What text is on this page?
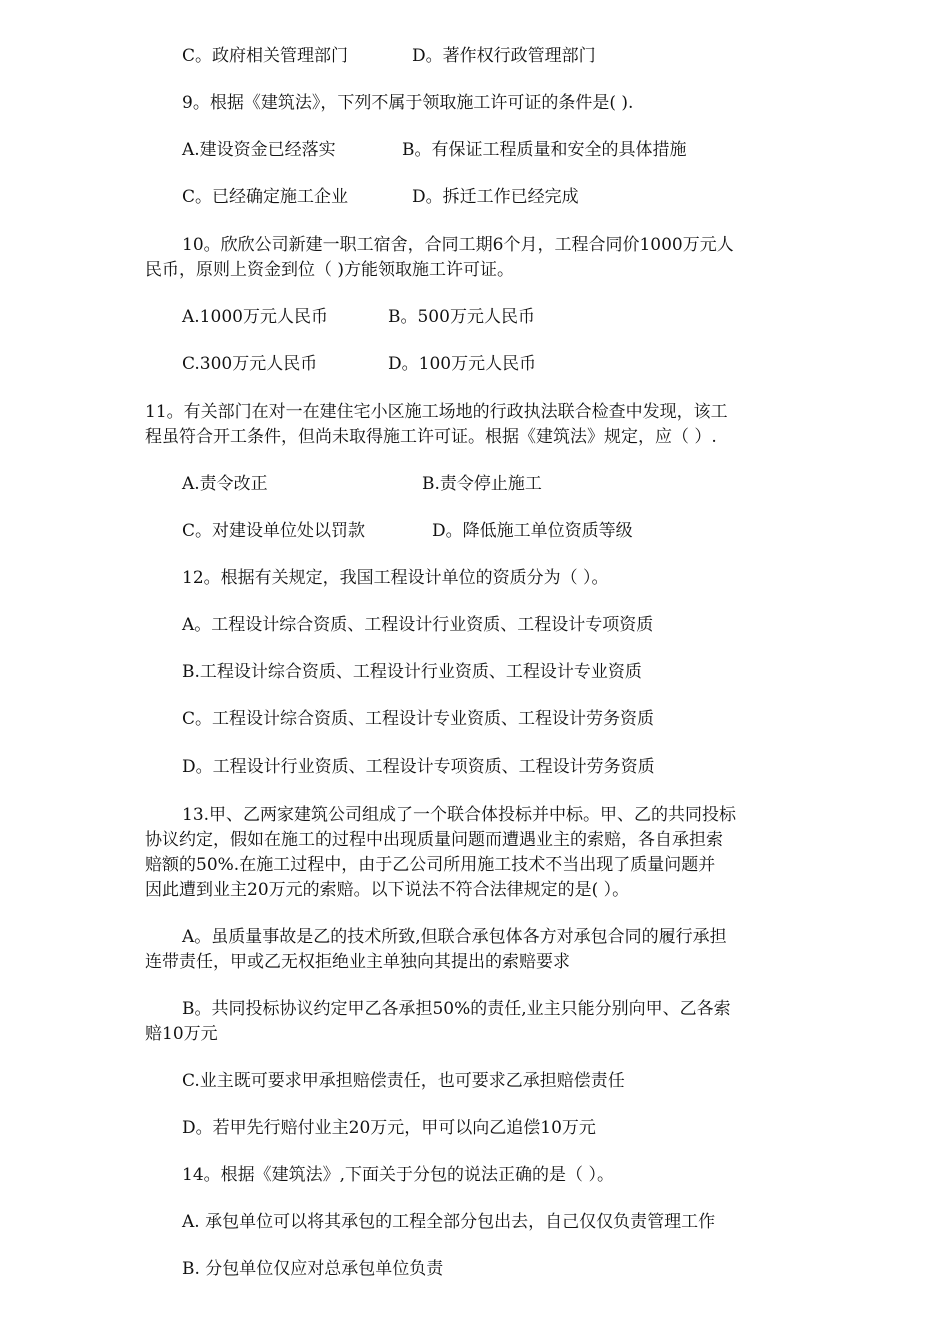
C。政府相关管理部门	D。著作权行政管理部门
9。根据《建筑法》，下列不属于领取施工许可证的条件是( ).
A.建设资金已经落实	B。有保证工程质量和安全的具体措施
C。已经确定施工企业	D。拆迁工作已经完成
10。欣欣公司新建一职工宿舍，合同工期6个月，工程合同价1000万元人
民币，原则上资金到位（ )方能领取施工许可证。
A.1000万元人民币	B。500万元人民币
C.300万元人民币	D。100万元人民币
11。有关部门在对一在建住宅小区施工场地的行政执法联合检查中发现，该工
程虽符合开工条件，但尚未取得施工许可证。根据《建筑法》规定，应（ ）.
A.责令改正	B.责令停止施工
C。对建设单位处以罚款	D。降低施工单位资质等级
12。根据有关规定，我国工程设计单位的资质分为（ ）。
A。工程设计综合资质、工程设计行业资质、工程设计专项资质
B.工程设计综合资质、工程设计行业资质、工程设计专业资质
C。工程设计综合资质、工程设计专业资质、工程设计劳务资质
D。工程设计行业资质、工程设计专项资质、工程设计劳务资质
13.甲、乙两家建筑公司组成了一个联合体投标并中标。甲、乙的共同投标
协议约定，假如在施工的过程中出现质量问题而遭遇业主的索赔，各自承担索
赔额的50%.在施工过程中，由于乙公司所用施工技术不当出现了质量问题并
因此遭到业主20万元的索赔。以下说法不符合法律规定的是( ）。
A。虽质量事故是乙的技术所致,但联合承包体各方对承包合同的履行承担
连带责任，甲或乙无权拒绝业主单独向其提出的索赔要求
B。共同投标协议约定甲乙各承担50%的责任,业主只能分别向甲、乙各索
赔10万元
C.业主既可要求甲承担赔偿责任，也可要求乙承担赔偿责任
D。若甲先行赔付业主20万元，甲可以向乙追偿10万元
14。根据《建筑法》,下面关于分包的说法正确的是（ ）。
A. 承包单位可以将其承包的工程全部分包出去，自己仅仅负责管理工作
B. 分包单位仅应对总承包单位负责
